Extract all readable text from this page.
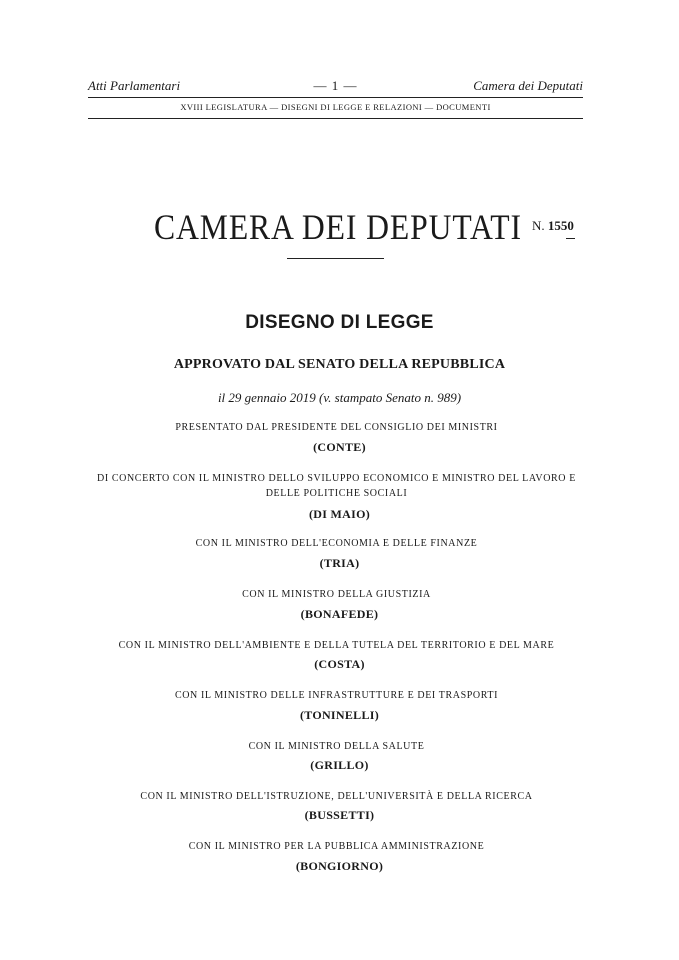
Atti Parlamentari	— 1 —	Camera dei Deputati
XVIII LEGISLATURA — DISEGNI DI LEGGE E RELAZIONI — DOCUMENTI
CAMERA DEI DEPUTATI N. 1550
DISEGNO DI LEGGE
APPROVATO DAL SENATO DELLA REPUBBLICA
il 29 gennaio 2019 (v. stampato Senato n. 989)
PRESENTATO DAL PRESIDENTE DEL CONSIGLIO DEI MINISTRI
(CONTE)
DI CONCERTO CON IL MINISTRO DELLO SVILUPPO ECONOMICO E MINISTRO DEL LAVORO E DELLE POLITICHE SOCIALI
(DI MAIO)
CON IL MINISTRO DELL'ECONOMIA E DELLE FINANZE
(TRIA)
CON IL MINISTRO DELLA GIUSTIZIA
(BONAFEDE)
CON IL MINISTRO DELL'AMBIENTE E DELLA TUTELA DEL TERRITORIO E DEL MARE
(COSTA)
CON IL MINISTRO DELLE INFRASTRUTTURE E DEI TRASPORTI
(TONINELLI)
CON IL MINISTRO DELLA SALUTE
(GRILLO)
CON IL MINISTRO DELL'ISTRUZIONE, DELL'UNIVERSITÀ E DELLA RICERCA
(BUSSETTI)
CON IL MINISTRO PER LA PUBBLICA AMMINISTRAZIONE
(BONGIORNO)
